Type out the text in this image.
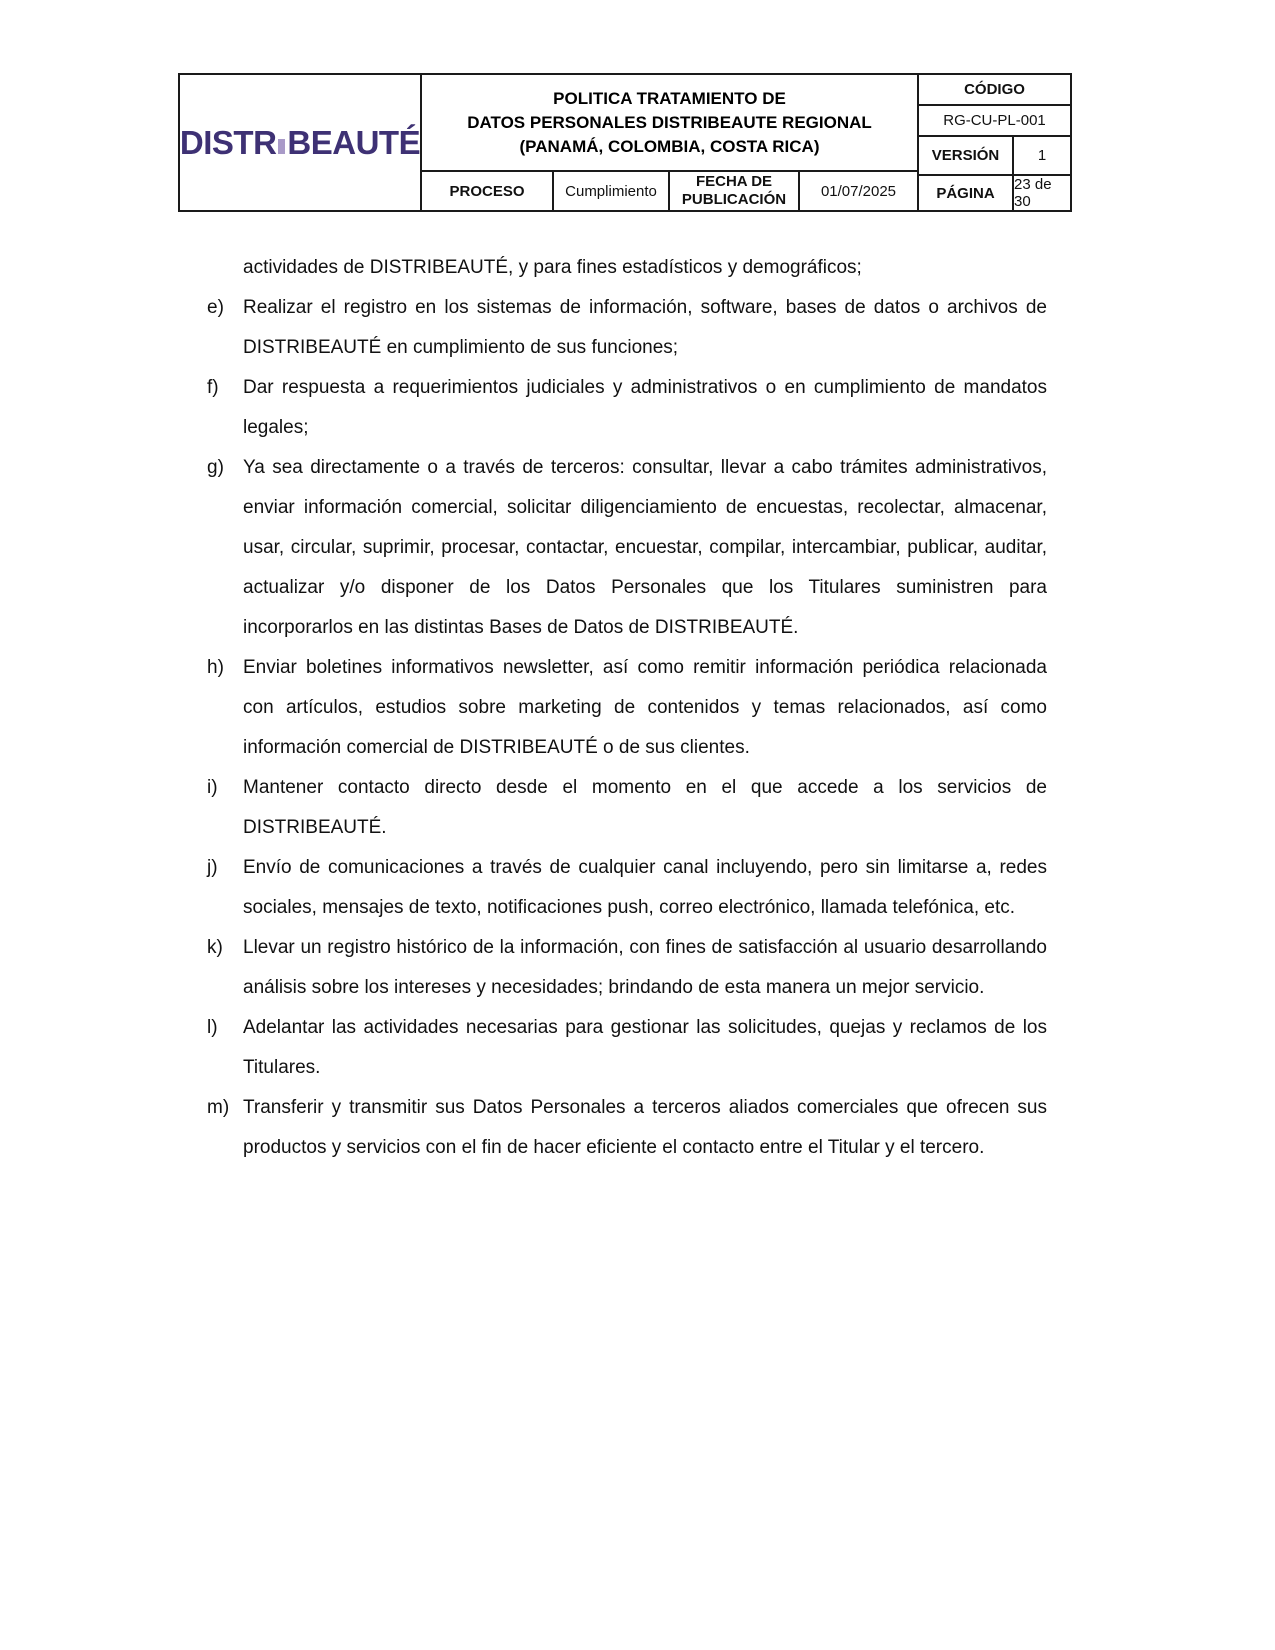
DISTR BEAUTÉ
POLITICA TRATAMIENTO DE
DATOS PERSONALES DISTRIBEAUTE REGIONAL
(PANAMÁ, COLOMBIA, COSTA RICA)
PROCESO	Cumplimiento
FECHA DE PUBLICACIÓN	01/07/2025
CÓDIGO
RG-CU-PL-001
VERSIÓN	1
PÁGINA	23 de 30

actividades de DISTRIBEAUTÉ, y para fines estadísticos y demográficos;

e) Realizar el registro en los sistemas de información, software, bases de datos o archivos de DISTRIBEAUTÉ en cumplimiento de sus funciones;
f) Dar respuesta a requerimientos judiciales y administrativos o en cumplimiento de mandatos legales;
g) Ya sea directamente o a través de terceros: consultar, llevar a cabo trámites administrativos, enviar información comercial, solicitar diligenciamiento de encuestas, recolectar, almacenar, usar, circular, suprimir, procesar, contactar, encuestar, compilar, intercambiar, publicar, auditar, actualizar y/o disponer de los Datos Personales que los Titulares suministren para incorporarlos en las distintas Bases de Datos de DISTRIBEAUTÉ.
h) Enviar boletines informativos newsletter, así como remitir información periódica relacionada con artículos, estudios sobre marketing de contenidos y temas relacionados, así como información comercial de DISTRIBEAUTÉ o de sus clientes.
i) Mantener contacto directo desde el momento en el que accede a los servicios de DISTRIBEAUTÉ.
j) Envío de comunicaciones a través de cualquier canal incluyendo, pero sin limitarse a, redes sociales, mensajes de texto, notificaciones push, correo electrónico, llamada telefónica, etc.
k) Llevar un registro histórico de la información, con fines de satisfacción al usuario desarrollando análisis sobre los intereses y necesidades; brindando de esta manera un mejor servicio.
l) Adelantar las actividades necesarias para gestionar las solicitudes, quejas y reclamos de los Titulares.
m) Transferir y transmitir sus Datos Personales a terceros aliados comerciales que ofrecen sus productos y servicios con el fin de hacer eficiente el contacto entre el Titular y el tercero.
